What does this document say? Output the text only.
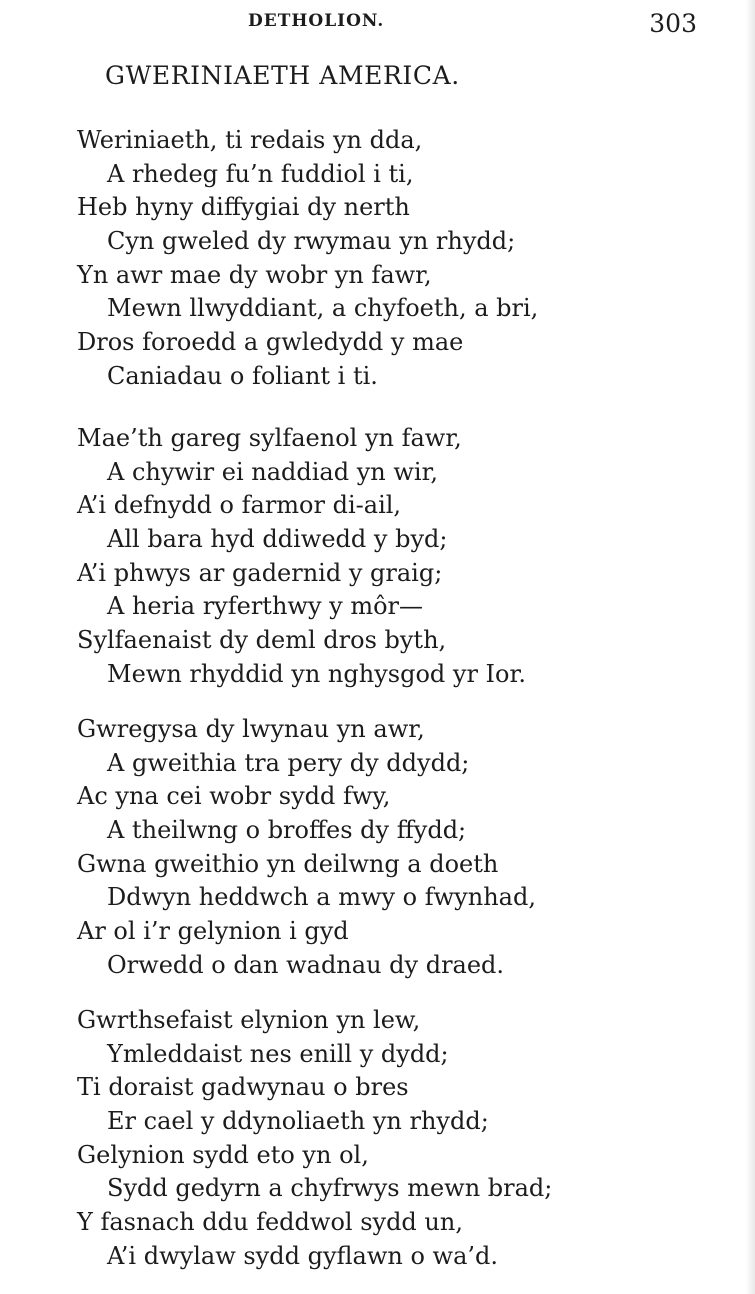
DETHOLION.	303
GWERINIAETH AMERICA.
Weriniaeth, ti redais yn dda,
A rhedeg fu’n fuddiol i ti,
Heb hyny diffygiai dy nerth
Cyn gweled dy rwymau yn rhydd;
Yn awr mae dy wobr yn fawr,
Mewn llwyddiant, a chyfoeth, a bri,
Dros foroedd a gwledydd y mae
Caniadau o foliant i ti.
Mae’th gareg sylfaenol yn fawr,
A chywir ei naddiad yn wir,
A’i defnydd o farmor di-ail,
All bara hyd ddiwedd y byd;
A’i phwys ar gadernid y graig;
A heria ryferthwy y môr—
Sylfaenaist dy deml dros byth,
Mewn rhyddid yn nghysgod yr Ior.
Gwregysa dy lwynau yn awr,
A gweithia tra pery dy ddydd;
Ac yna cei wobr sydd fwy,
A theilwng o broffes dy ffydd;
Gwna gweithio yn deilwng a doeth
Ddwyn heddwch a mwy o fwynhad,
Ar ol i’r gelynion i gyd
Orwedd o dan wadnau dy draed.
Gwrthsefaist elynion yn lew,
Ymleddaist nes enill y dydd;
Ti doraist gadwynau o bres
Er cael y ddynoliaeth yn rhydd;
Gelynion sydd eto yn ol,
Sydd gedyrn a chyfrwys mewn brad;
Y fasnach ddu feddwol sydd un,
A’i dwylaw sydd gyflawn o wa’d.
